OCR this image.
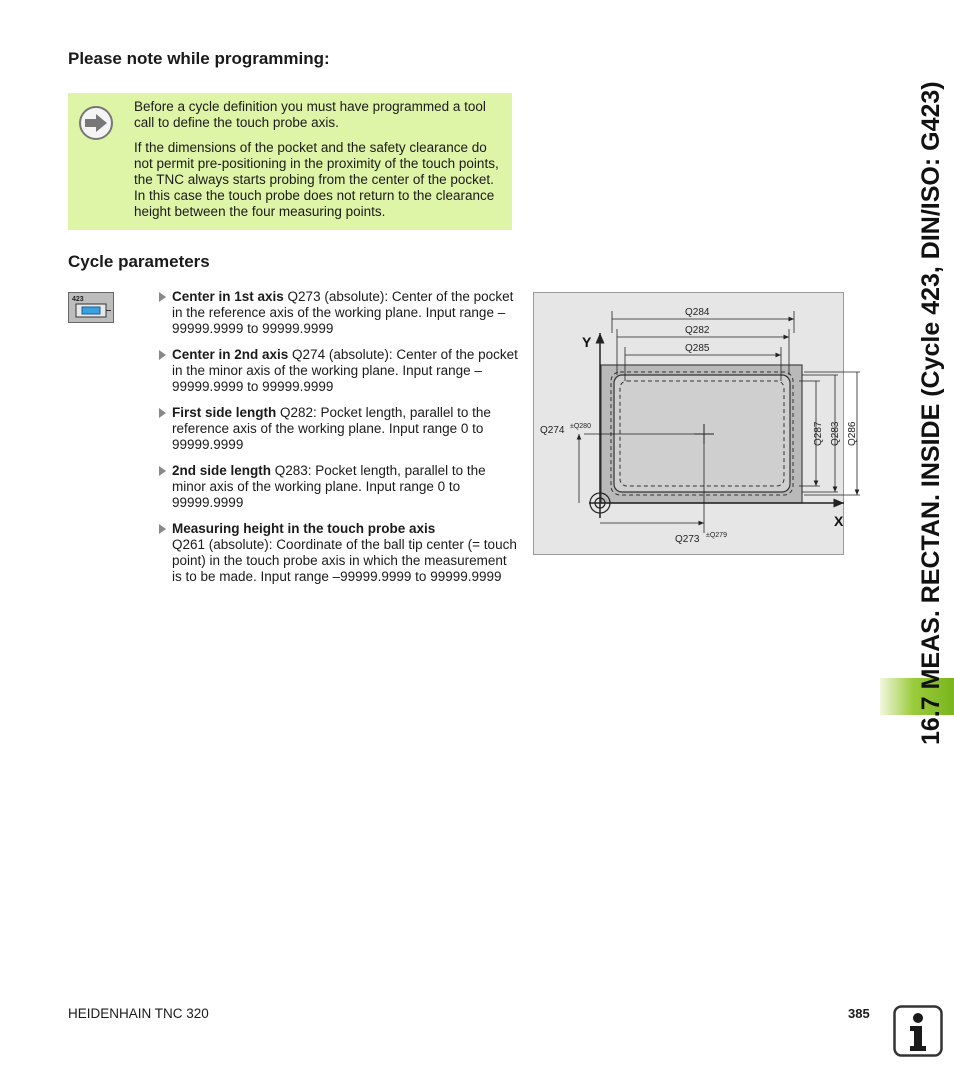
Please note while programming:

Before a cycle definition you must have programmed a tool call to define the touch probe axis.

If the dimensions of the pocket and the safety clearance do not permit pre-positioning in the proximity of the touch points, the TNC always starts probing from the center of the pocket. In this case the touch probe does not return to the clearance height between the four measuring points.

Cycle parameters
423	Center in 1st axis Q273 (absolute): Center of the pocket in the reference axis of the working plane. Input range –99999.9999 to 99999.9999
Center in 2nd axis Q274 (absolute): Center of the pocket in the minor axis of the working plane. Input range –99999.9999 to 99999.9999
First side length Q282: Pocket length, parallel to the reference axis of the working plane. Input range 0 to 99999.9999
2nd side length Q283: Pocket length, parallel to the minor axis of the working plane. Input range 0 to 99999.9999
Measuring height in the touch probe axis
Q261 (absolute): Coordinate of the ball tip center (= touch point) in the touch probe axis in which the measurement is to be made. Input range –99999.9999 to 99999.9999
Y
X
Q284
Q282
Q285
Q287 Q283 Q286
Q274 ±Q280
Q273 ±Q279	16.7 MEAS. RECTAN. INSIDE (Cycle 423, DIN/ISO: G423)
HEIDENHAIN TNC 320	385
